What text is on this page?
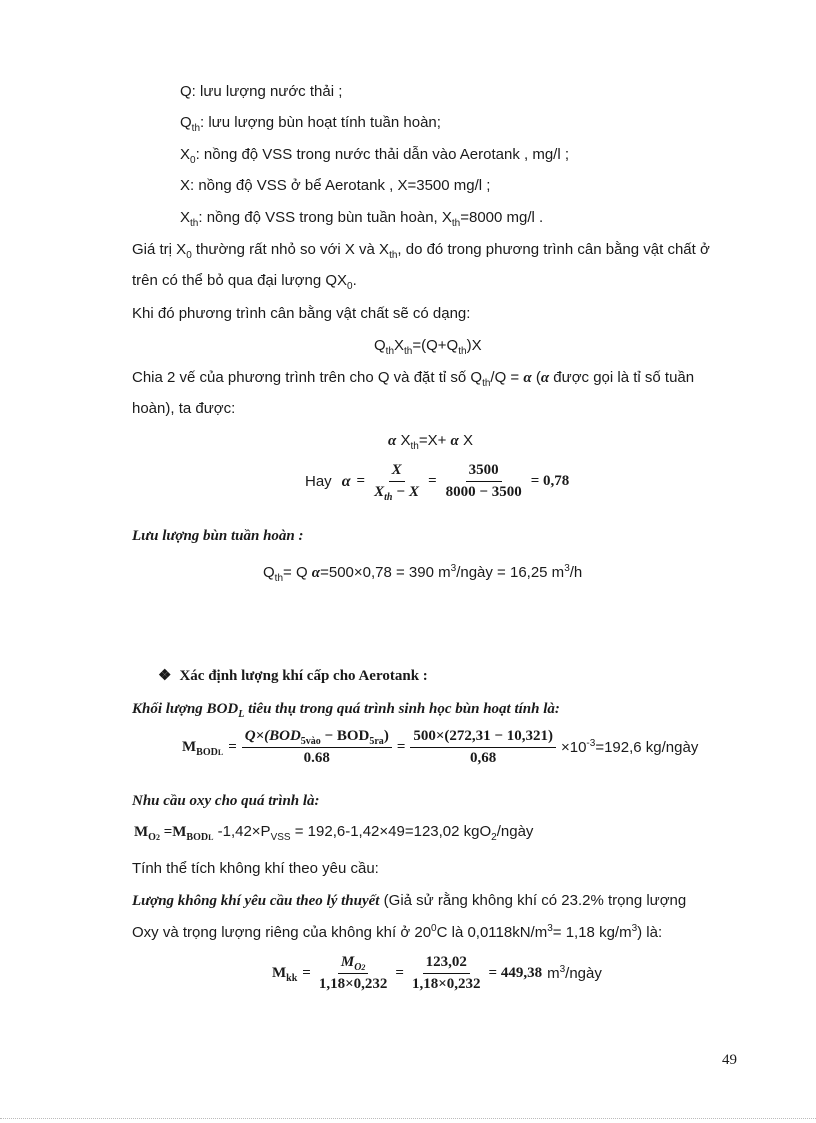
Q: lưu lượng nước thải ;
$Q_{th}$: lưu lượng bùn hoạt tính tuần hoàn;
$X_0$: nồng độ VSS trong nước thải dẫn vào Aerotank , mg/l ;
X: nồng độ VSS ở bể Aerotank , X=3500 mg/l ;
$X_{th}$: nồng độ VSS trong bùn tuần hoàn, $X_{th}=8000$ mg/l .
Giá trị $X_0$ thường rất nhỏ so với X và $X_{th}$, do đó trong phương trình cân bằng vật chất ở
trên có thể bỏ qua đại lượng $QX_0$.
Khi đó phương trình cân bằng vật chất sẽ có dạng:
$Q_{th}X_{th}=(Q+Q_{th})X$
Chia 2 vế của phương trình trên cho Q và đặt tỉ số $Q_{th}/Q = \alpha$ (α được gọi là tỉ số tuần
hoàn), ta được:
α $X_{th}=X+ \alpha$ X
Hay $\alpha = \frac{X}{X_{th} - X} = \frac{3500}{8000 - 3500} = 0,78$
Lưu lượng bùn tuần hoàn :
$Q_{th}= Q$ α=500×0,78 = 390 $m^3$/ngày = 16,25 $m^3/h$
❖ Xác định lượng khí cấp cho Aerotank :
Khối lượng $BOD_L$ tiêu thụ trong quá trình sinh học bùn hoạt tính là:
$M_{BODL} = \frac{Q\times(BOD_{5vào} - BOD_{5ra})}{0.68} = \frac{500\times(272,31 - 10,321)}{0,68} \times 10^{-3}=192,6$ kg/ngày
Nhu cầu oxy cho quá trình là:
$M_{O2} =M_{BODL}$ $-1,42\times P_{VSS} = 192,6-1,42\times 49=123,02$ kgO$_2$/ngày
Tính thể tích không khí theo yêu cầu:
Lượng không khí yêu cầu theo lý thuyết (Giả sử rằng không khí có 23.2% trọng lượng
Oxy và trọng lượng riêng của không khí ở $20^0C$ là $0,0118kN/m^3= 1,18$ $kg/m^3$) là:
$M_{kk} = \frac{M_{O2}}{1,18\times 0,232} = \frac{123,02}{1,18\times 0,232} = 449,38$ $m^3$/ngày
49
